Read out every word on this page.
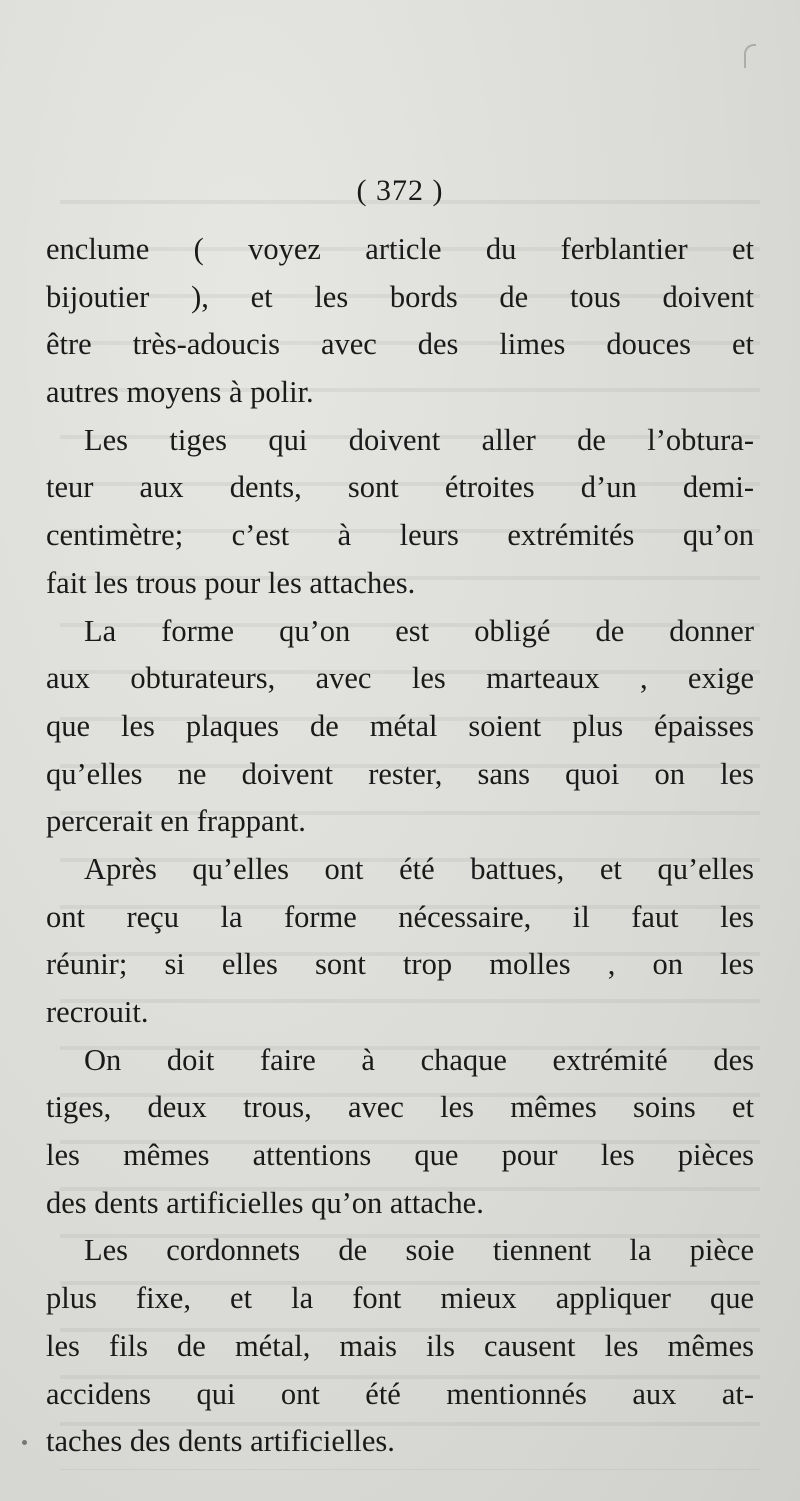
( 372 )
enclume ( voyez article du ferblantier et
bijoutier ), et les bords de tous doivent
être très-adoucis avec des limes douces et
autres moyens à polir.
Les tiges qui doivent aller de l’obtura-
teur aux dents, sont étroites d’un demi-
centimètre; c’est à leurs extrémités qu’on
fait les trous pour les attaches.
La forme qu’on est obligé de donner
aux obturateurs, avec les marteaux , exige
que les plaques de métal soient plus épaisses
qu’elles ne doivent rester, sans quoi on les
percerait en frappant.
Après qu’elles ont été battues, et qu’elles
ont reçu la forme nécessaire, il faut les
réunir; si elles sont trop molles , on les
recrouit.
On doit faire à chaque extrémité des
tiges, deux trous, avec les mêmes soins et
les mêmes attentions que pour les pièces
des dents artificielles qu’on attache.
Les cordonnets de soie tiennent la pièce
plus fixe, et la font mieux appliquer que
les fils de métal, mais ils causent les mêmes
accidens qui ont été mentionnés aux at-
taches des dents artificielles.
